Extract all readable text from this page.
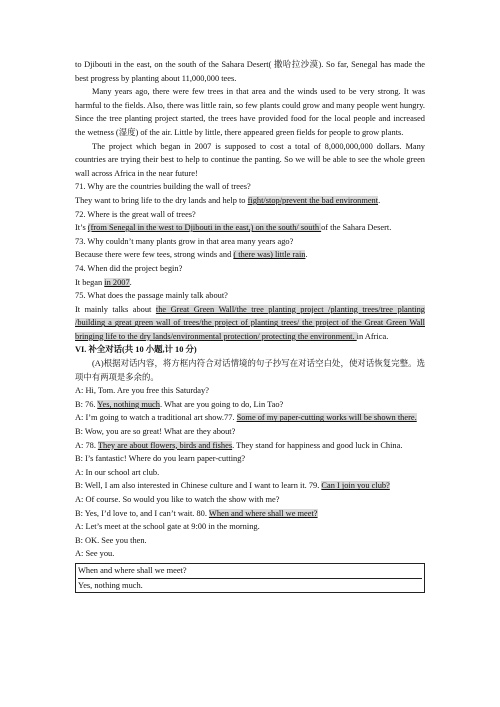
to Djibouti in the east, on the south of the Sahara Desert( 撒哈拉沙漠). So far, Senegal has made the best progress by planting about 11,000,000 tees.

Many years ago, there were few trees in that area and the winds used to be very strong. It was harmful to the fields. Also, there was little rain, so few plants could grow and many people went hungry. Since the tree planting project started, the trees have provided food for the local people and increased the wetness (湿度) of the air. Little by little, there appeared green fields for people to grow plants.

The project which began in 2007 is supposed to cost a total of 8,000,000,000 dollars. Many countries are trying their best to help to continue the panting. So we will be able to see the whole green wall across Africa in the near future!

71. Why are the countries building the wall of trees?

They want to bring life to the dry lands and help to fight/stop/prevent the bad environment.

72. Where is the great wall of trees?

It’s (from Senegal in the west to Djibouti in the east,) on the south/ south of the Sahara Desert.

73. Why couldn’t many plants grow in that area many years ago?

Because there were few tees, strong winds and ( there was) little rain.

74. When did the project begin?

It began in 2007.

75. What does the passage mainly talk about?

It mainly talks about the Great Green Wall/the tree planting project /planting trees/tree planting /building a great green wall of trees/the project of planting trees/ the project of the Great Green Wall bringing life to the dry lands/environmental protection/ protecting the environment. in Africa.

VI. 补全对话(共 10 小题,计 10 分)

(A)根据对话内容，将方框内符合对话情境的句子抄写在对话空白处，使对话恢复完整。选项中有两项是多余的。

A: Hi, Tom. Are you free this Saturday?

B: 76. Yes, nothing much. What are you going to do, Lin Tao?

A: I’m going to watch a traditional art show.77. Some of my paper-cutting works will be shown there.

B: Wow, you are so great! What are they about?

A: 78. They are about flowers, birds and fishes. They stand for happiness and good luck in China.

B: I’s fantastic! Where do you learn paper-cutting?

A: In our school art club.

B: Well, I am also interested in Chinese culture and I want to learn it. 79. Can I join you club?

A: Of course. So would you like to watch the show with me?

B: Yes, I’d love to, and I can’t wait. 80. When and where shall we meet?

A: Let’s meet at the school gate at 9:00 in the morning.

B: OK. See you then.

A: See you.

When and where shall we meet?
Yes, nothing much.
